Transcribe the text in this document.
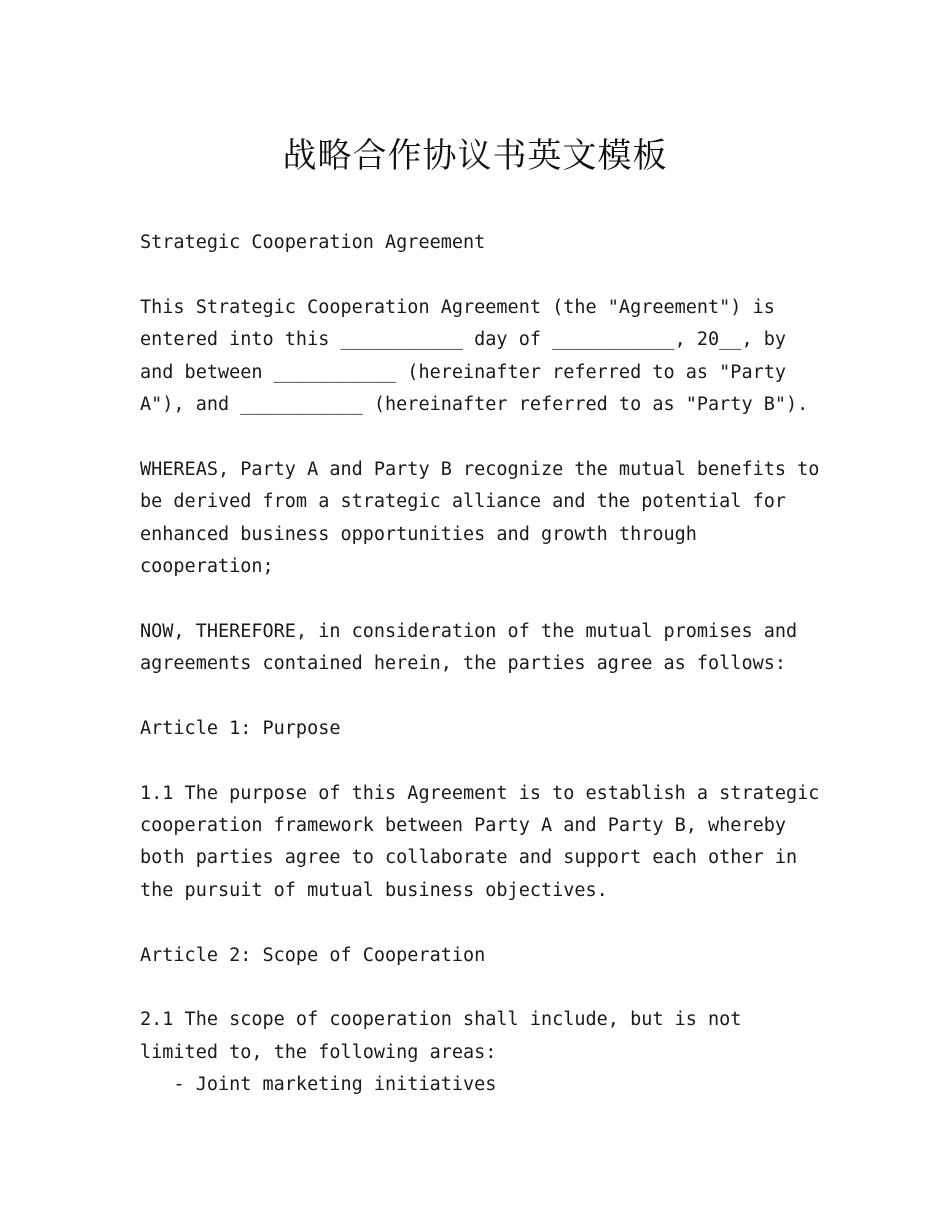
战略合作协议书英文模板
Strategic Cooperation Agreement
This Strategic Cooperation Agreement (the "Agreement") is
entered into this ___________ day of ___________, 20__, by
and between ___________ (hereinafter referred to as "Party
A"), and ___________ (hereinafter referred to as "Party B").
WHEREAS, Party A and Party B recognize the mutual benefits to
be derived from a strategic alliance and the potential for
enhanced business opportunities and growth through
cooperation;
NOW, THEREFORE, in consideration of the mutual promises and
agreements contained herein, the parties agree as follows:
Article 1: Purpose
1.1 The purpose of this Agreement is to establish a strategic
cooperation framework between Party A and Party B, whereby
both parties agree to collaborate and support each other in
the pursuit of mutual business objectives.
Article 2: Scope of Cooperation
2.1 The scope of cooperation shall include, but is not
limited to, the following areas:
- Joint marketing initiatives
